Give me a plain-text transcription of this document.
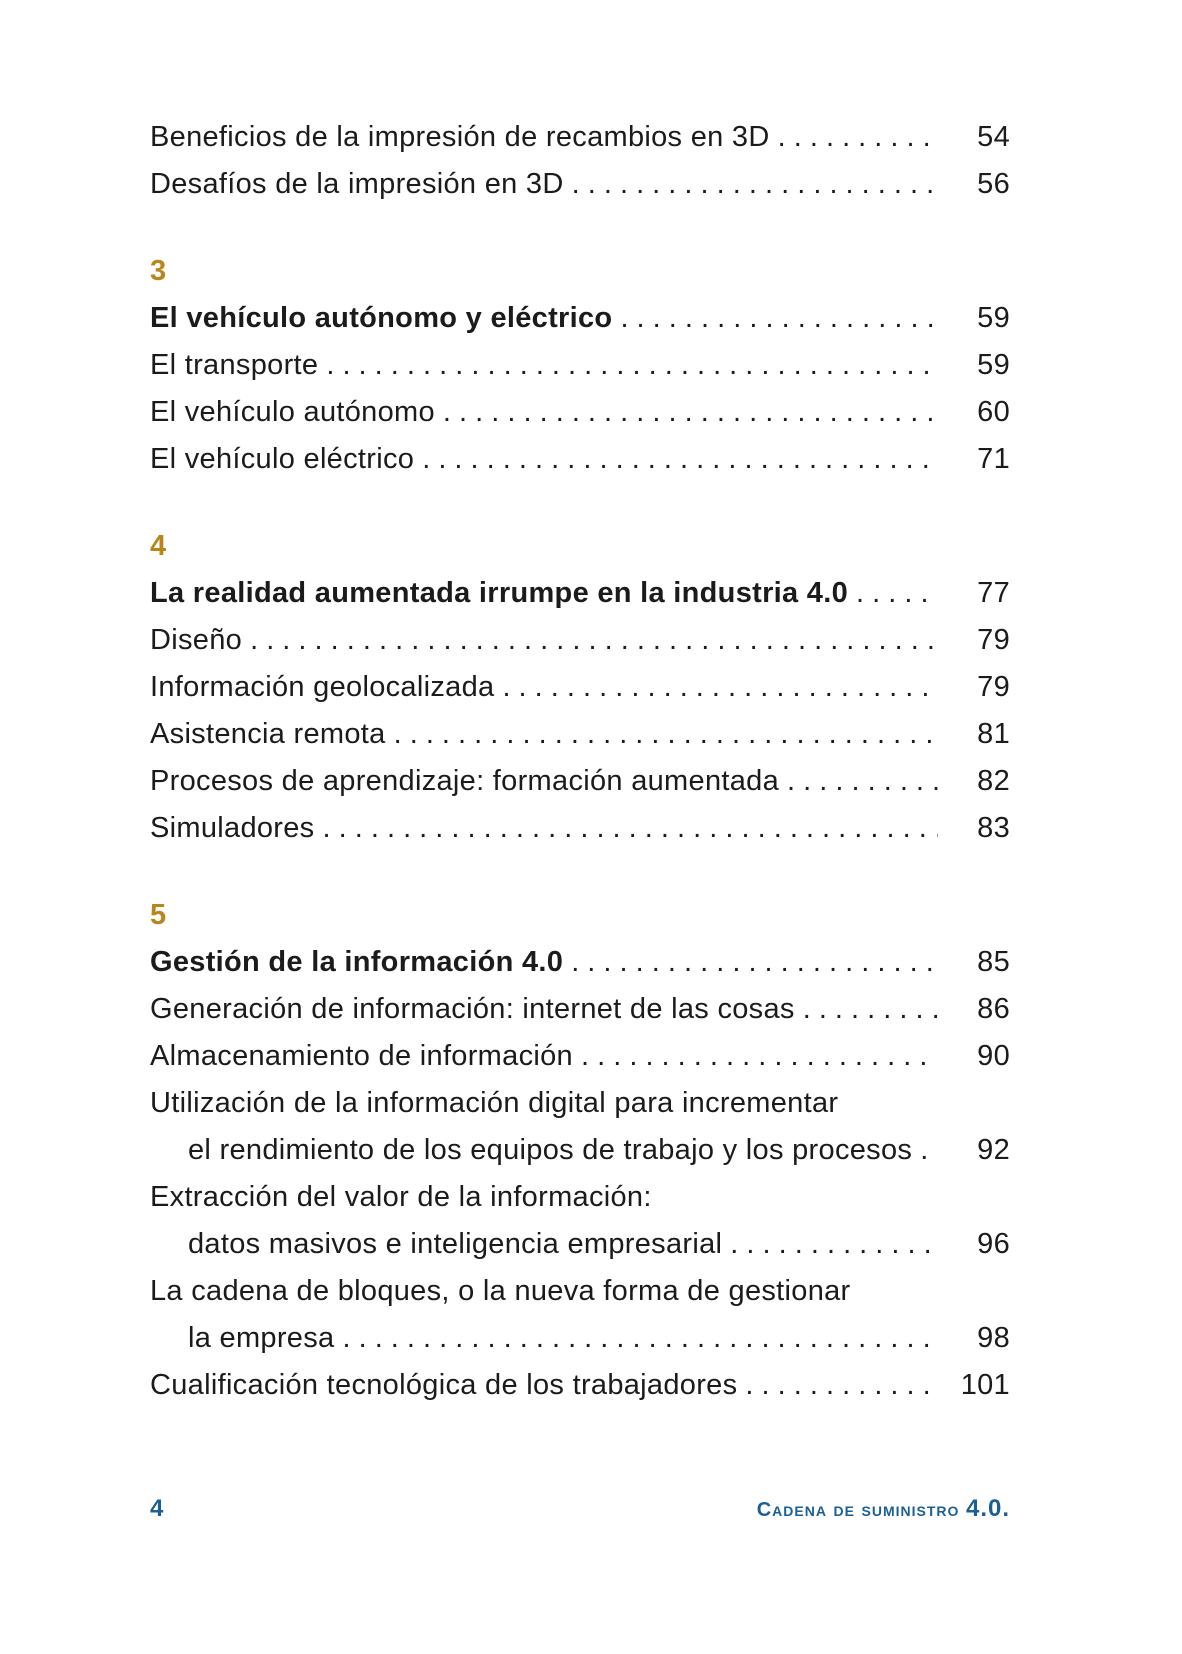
Beneficios de la impresión de recambios en 3D . . .	54
Desafíos de la impresión en 3D . . .	56
3
El vehículo autónomo y eléctrico . . .	59
El transporte . . .	59
El vehículo autónomo . . .	60
El vehículo eléctrico . . .	71
4
La realidad aumentada irrumpe en la industria 4.0 . . .	77
Diseño . . .	79
Información geolocalizada . . .	79
Asistencia remota . . .	81
Procesos de aprendizaje: formación aumentada . . .	82
Simuladores . . .	83
5
Gestión de la información 4.0 . . .	85
Generación de información: internet de las cosas . . .	86
Almacenamiento de información . . .	90
Utilización de la información digital para incrementar
el rendimiento de los equipos de trabajo y los procesos . . .	92
Extracción del valor de la información:
datos masivos e inteligencia empresarial . . .	96
La cadena de bloques, o la nueva forma de gestionar
la empresa . . .	98
Cualificación tecnológica de los trabajadores . . .	101
4	Cadena de suministro 4.0.
